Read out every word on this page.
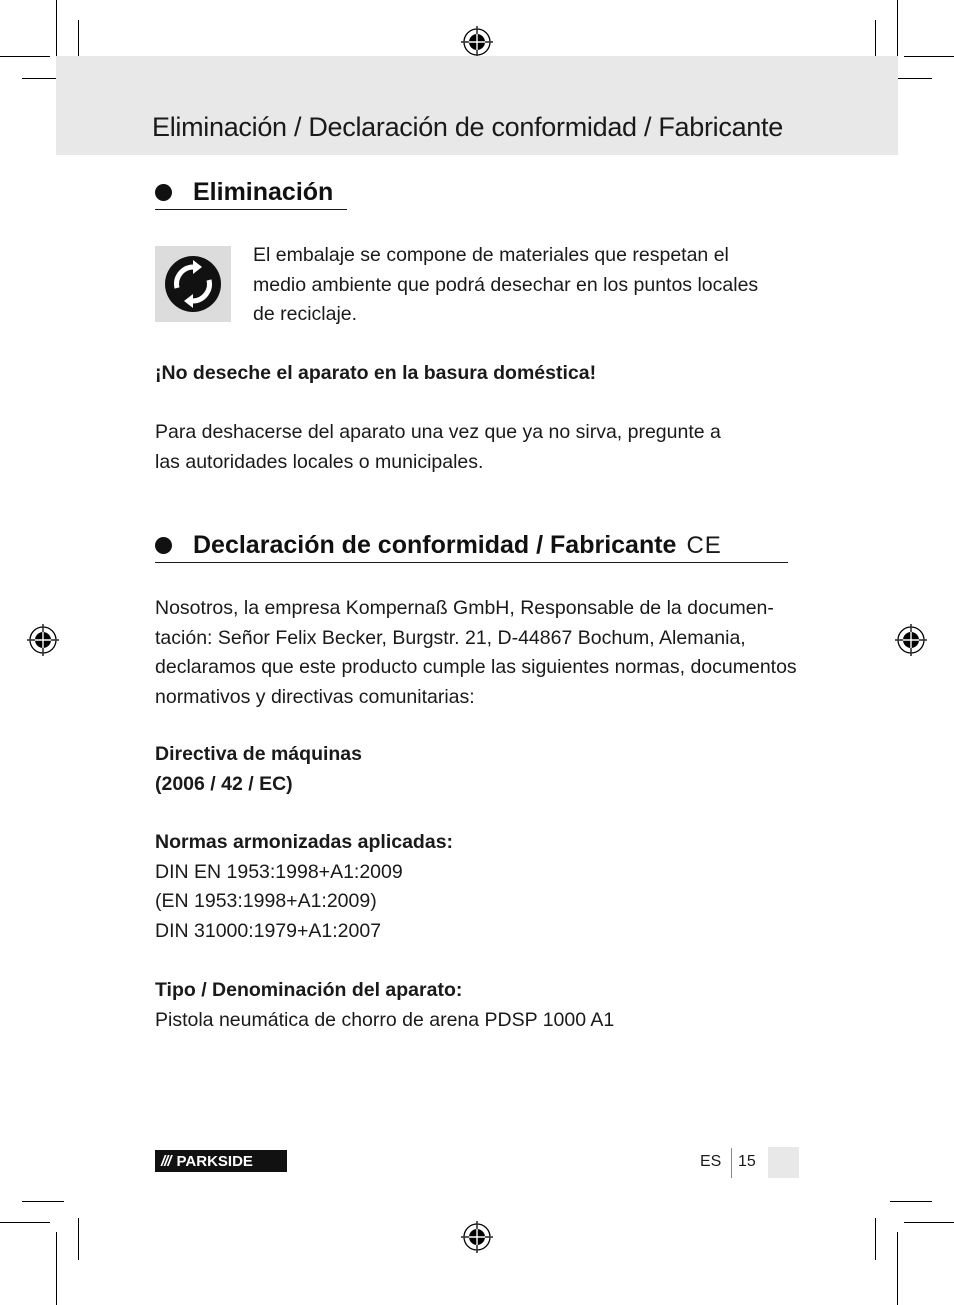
Eliminación / Declaración de conformidad / Fabricante
Eliminación
El embalaje se compone de materiales que respetan el
medio ambiente que podrá desechar en los puntos locales
de reciclaje.
¡No deseche el aparato en la basura doméstica!
Para deshacerse del aparato una vez que ya no sirva, pregunte a
las autoridades locales o municipales.
Declaración de conformidad / Fabricante CE
Nosotros, la empresa Kompernaß GmbH, Responsable de la documen-
tación: Señor Felix Becker, Burgstr. 21, D-44867 Bochum, Alemania,
declaramos que este producto cumple las siguientes normas, documentos
normativos y directivas comunitarias:
Directiva de máquinas
(2006 / 42 / EC)
Normas armonizadas aplicadas:
DIN EN 1953:1998+A1:2009
(EN 1953:1998+A1:2009)
DIN 31000:1979+A1:2007
Tipo / Denominación del aparato:
Pistola neumática de chorro de arena PDSP 1000 A1
/// PARKSIDE	ES 15
